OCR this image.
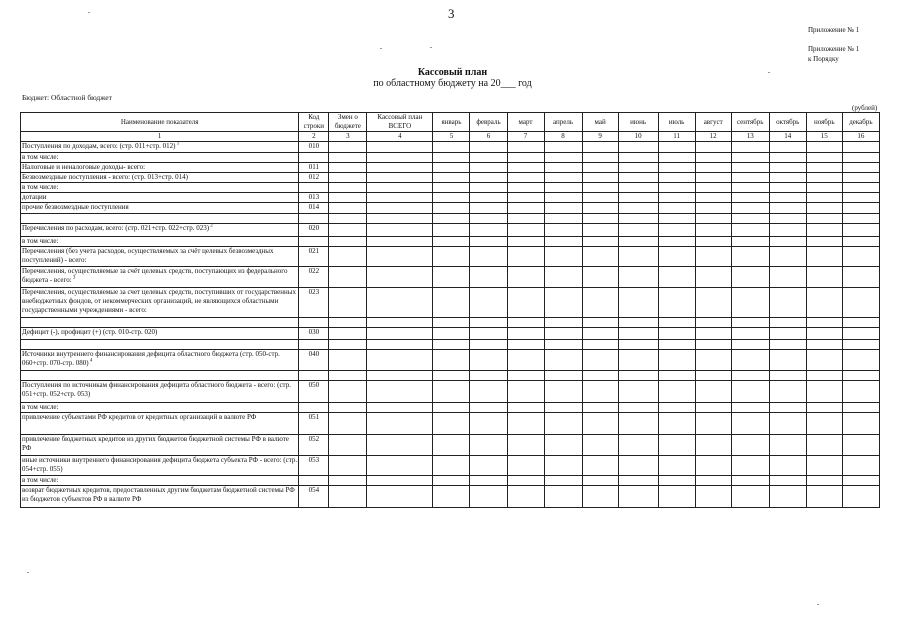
3
Приложение № 1
Приложение № 1
к Порядку
Кассовый план
по областному бюджету на 20___ год
Бюджет: Областной бюджет
(рублей)
Наименование показателя	Код строки	Змен о бюджете	Кассовый план ВСЕГО	январь	февраль	март	апрель	май	июнь	июль	август	сентябрь	октябрь	ноябрь	декабрь
1	2	3	4	5	6	7	8	9	10	11	12	13	14	15	16
Поступления по доходам, всего: (стр. 011+стр. 012) $^1$	010														
в том числе:															
Налоговые и неналоговые доходы- всего:	011														
Безвозмездные поступления - всего: (стр. 013+стр. 014)	012														
в том числе:															
дотации	013														
прочие безвозмездные поступления	014														

Перечисления по расходам, всего: (стр. 021+стр. 022+стр. 023) $^2$	020														
в том числе:															
Перечисления (без учета расходов, осуществляемых за счёт целевых безвозмездных поступлений) - всего:	021														
Перечисления, осуществляемые за счёт целевых средств, поступающих из федерального бюджета - всего: $^3$	022														
Перечисления, осуществляемые за счет целевых средств, поступивших от государственных внебюджетных фондов, от некоммерческих организаций, не являющихся областными государственными учреждениями - всего:	023														

Дефицит (-), профицит (+) (стр. 010-стр. 020)	030														

Источники внутреннего финансирования дефицита областного бюджета (стр. 050-стр. 060+стр. 070-стр. 080) $^4$	040														

Поступления по источникам финансирования дефицита областного бюджета - всего: (стр. 051+стр. 052+стр. 053)	050														
в том числе:															
привлечение субъектами РФ кредитов от кредитных организаций в валюте РФ	051														
привлечение бюджетных кредитов из других бюджетов бюджетной системы РФ в валюте РФ	052														
иные источники внутреннего финансирования дефицита бюджета субъекта РФ - всего: (стр. 054+стр. 055)	053														
в том числе:															
возврат бюджетных кредитов, предоставленных другим бюджетам бюджетной системы РФ из бюджетов субъектов РФ в валюте РФ	054														
